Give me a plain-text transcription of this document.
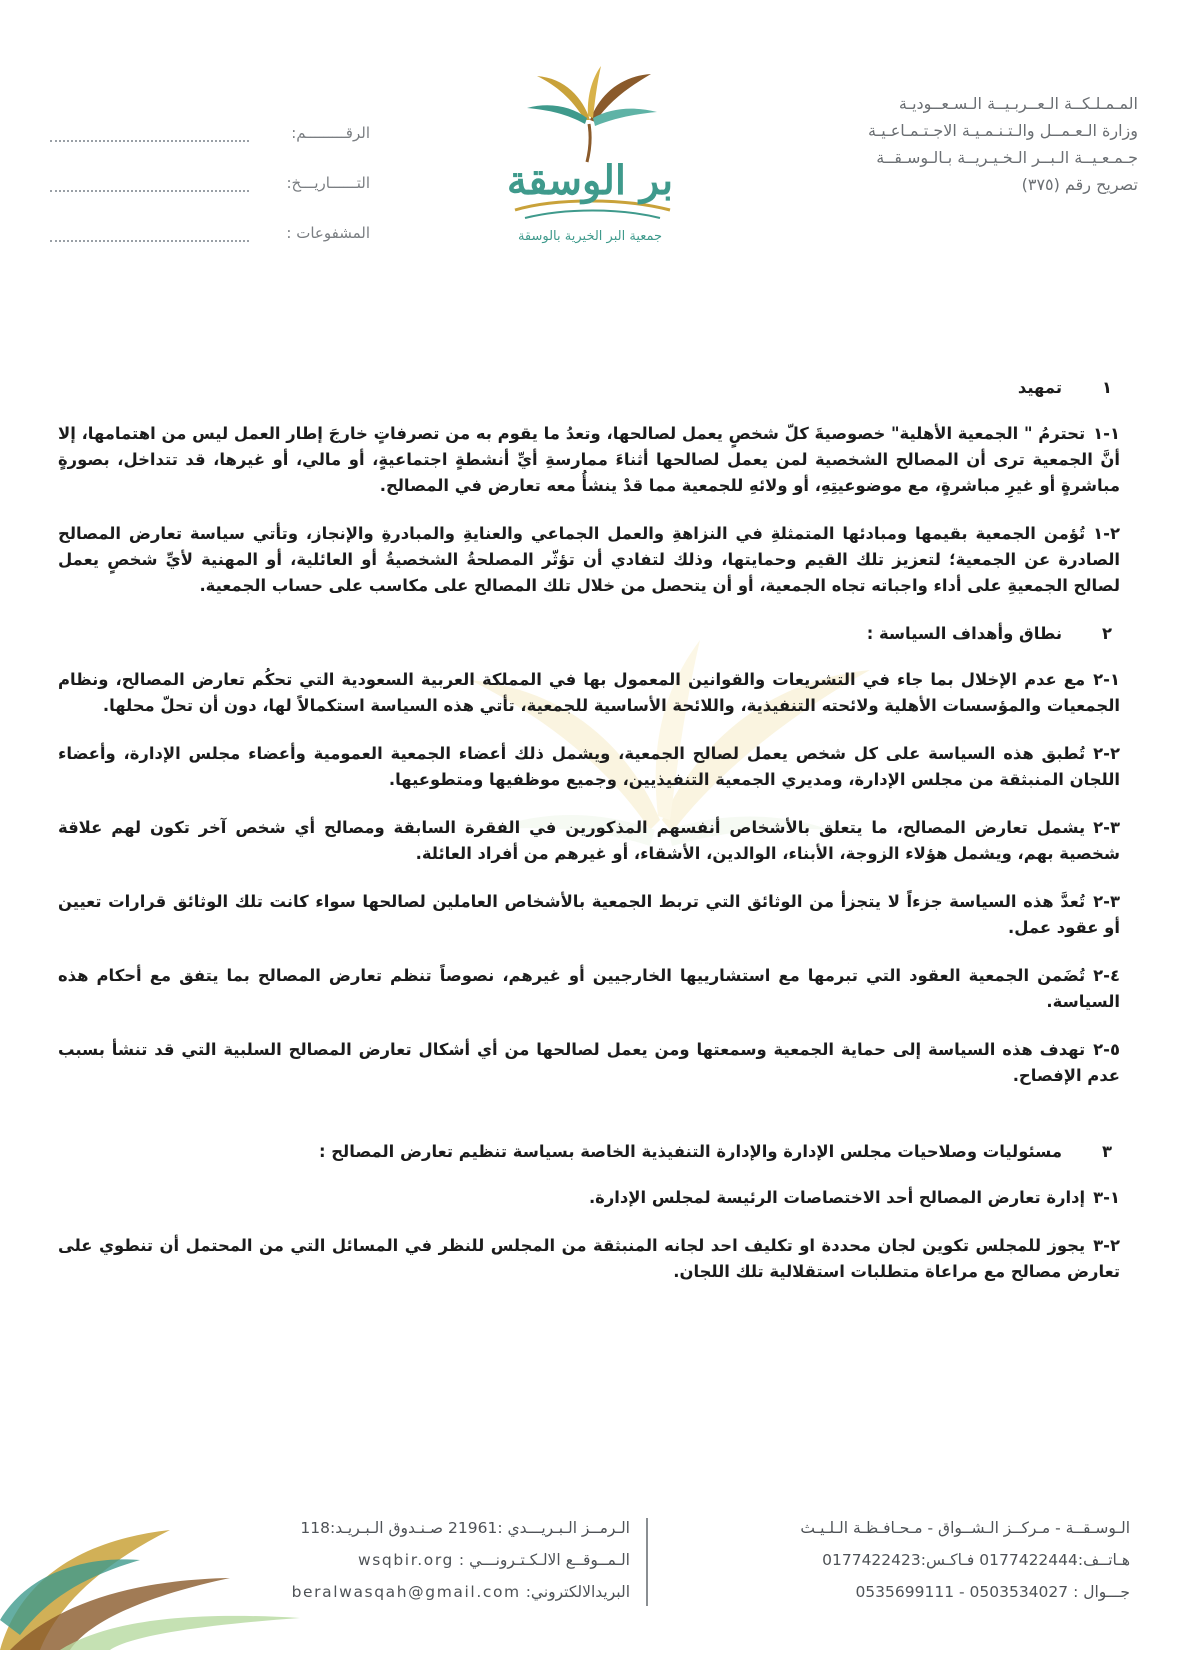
المـمـلـكــة الـعــربـيــة الـسـعــوديـة
وزارة الـعـمــل والـتـنـمـيـة الاجـتـمـاعـيـة
جـمـعـيــة الـبــر الـخـيـريــة بـالـوسـقــة
تصريح رقم (٣٧٥)
بر الوسقة
جمعية البر الخيرية بالوسقة
الرقـــــــــم:
التــــــاريـــخ:
المشفوعات :
١
تمهيد
١-١تحترمُ " الجمعية الأهلية" خصوصيةَ كلّ شخصٍ يعمل لصالحها، وتعدُ ما يقوم به من تصرفاتٍ خارجَ إطار العمل ليس من اهتمامها، إلا أنَّ الجمعية ترى أن المصالح الشخصية لمن يعمل لصالحها أثناءَ ممارسةِ أيِّ أنشطةٍ اجتماعيةٍ، أو مالي، أو غيرها، قد تتداخل، بصورةٍ مباشرةٍ أو غيرِ مباشرةٍ، مع موضوعيتِهِ، أو ولائهِ للجمعية مما قدْ ينشأُ معه تعارض في المصالح.
٢-١تُؤمن الجمعية بقيمها ومبادئها المتمثلةِ في النزاهةِ والعمل الجماعي والعنايةِ والمبادرةِ والإنجاز، وتأتي سياسة تعارض المصالح الصادرة عن الجمعية؛ لتعزيز تلك القيم وحمايتها، وذلك لتفادي أن تؤثّر المصلحةُ الشخصيةُ أو العائلية، أو المهنية لأيِّ شخصٍ يعمل لصالح الجمعيةِ على أداء واجباته تجاه الجمعية، أو أن يتحصل من خلال تلك المصالح على مكاسب على حساب الجمعية.
٢
نطاق وأهداف السياسة :
١-٢مع عدم الإخلال بما جاء في التشريعات والقوانين المعمول بها في المملكة العربية السعودية التي تحكُم تعارض المصالح، ونظام الجمعيات والمؤسسات الأهلية ولائحته التنفيذية، واللائحة الأساسية للجمعية، تأتي هذه السياسة استكمالاً لها، دون أن تحلّ محلها.
٢-٢تُطبق هذه السياسة على كل شخص يعمل لصالح الجمعية، ويشمل ذلك أعضاء الجمعية العمومية وأعضاء مجلس الإدارة، وأعضاء اللجان المنبثقة من مجلس الإدارة، ومديري الجمعية التنفيذيين، وجميع موظفيها ومتطوعيها.
٣-٢يشمل تعارض المصالح، ما يتعلق بالأشخاص أنفسهم المذكورين في الفقرة السابقة ومصالح أي شخص آخر تكون لهم علاقة شخصية بهم، ويشمل هؤلاء الزوجة، الأبناء، الوالدين، الأشقاء، أو غيرهم من أفراد العائلة.
٣-٢تُعدَّ هذه السياسة جزءاً لا يتجزأ من الوثائق التي تربط الجمعية بالأشخاص العاملين لصالحها سواء كانت تلك الوثائق قرارات تعيين أو عقود عمل.
٤-٢تُضَمن الجمعية العقود التي تبرمها مع استشارييها الخارجيين أو غيرهم، نصوصاً تنظم تعارض المصالح بما يتفق مع أحكام هذه السياسة.
٥-٢تهدف هذه السياسة إلى حماية الجمعية وسمعتها ومن يعمل لصالحها من أي أشكال تعارض المصالح السلبية التي قد تنشأ بسبب عدم الإفصاح.
٣
مسئوليات وصلاحيات مجلس الإدارة والإدارة التنفيذية الخاصة بسياسة تنظيم تعارض المصالح :
١-٣إدارة تعارض المصالح أحد الاختصاصات الرئيسة لمجلس الإدارة.
٢-٣يجوز للمجلس تكوين لجان محددة او تكليف احد لجانه المنبثقة من المجلس للنظر في المسائل التي من المحتمل أن تنطوي على تعارض مصالح مع مراعاة متطلبات استقلالية تلك اللجان.
الـوسـقــة - مـركــز الـشــواق - مـحـافـظـة الـلـيـث
هـاتــف:0177422444 فـاكـس:0177422423
جـــوال : 0503534027 - 0535699111
الـرمــز الـبـريـــدي :21961 صـنـدوق الـبـريـد:118
الـمــوقــع الالـكـتـرونـــي : wsqbir.org
البريدالالكتروني: beralwasqah@gmail.com
